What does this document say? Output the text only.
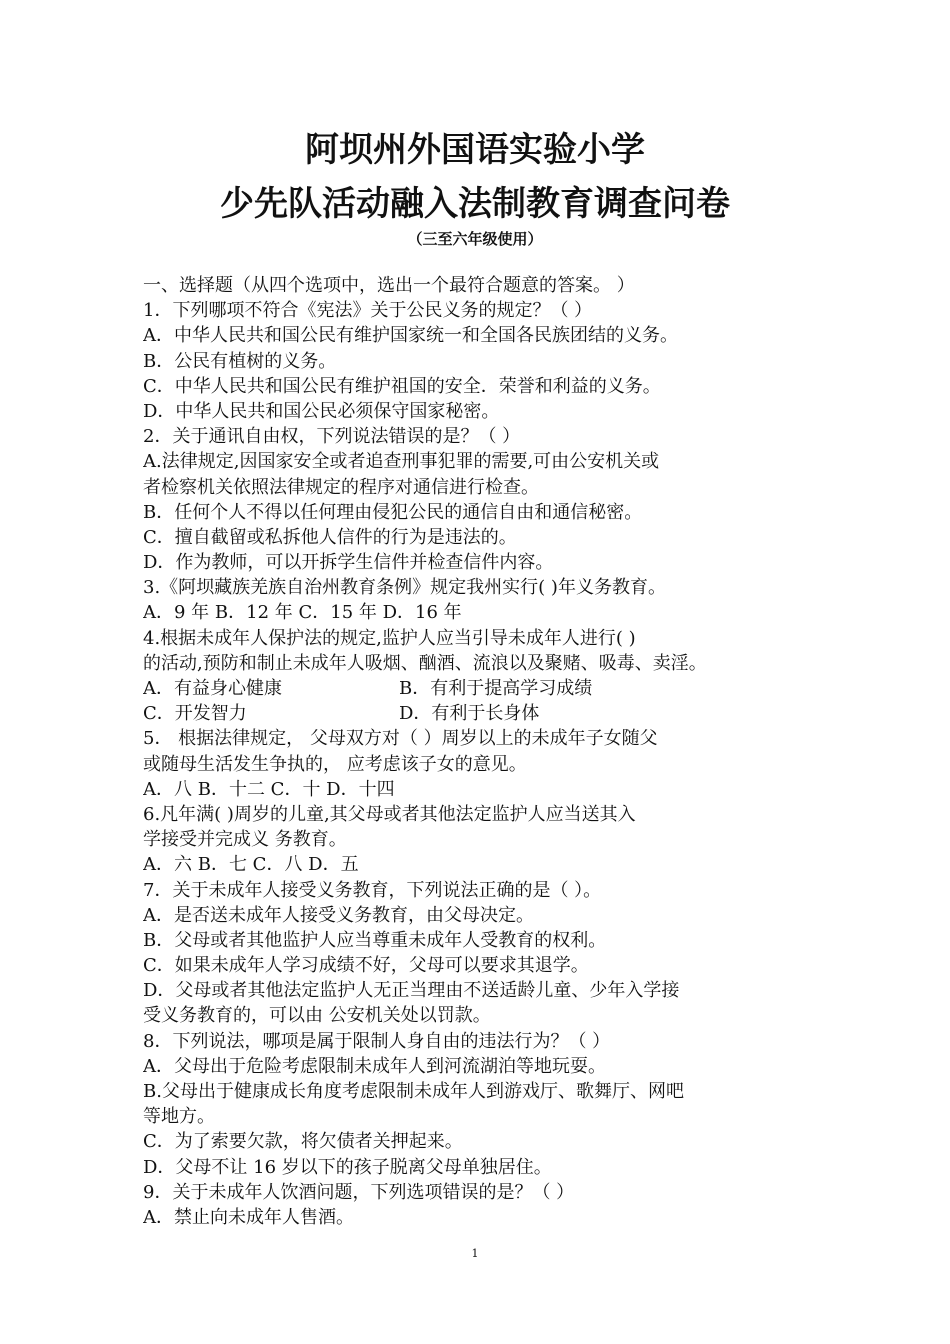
阿坝州外国语实验小学
少先队活动融入法制教育调查问卷
（三至六年级使用）
一、选择题（从四个选项中，选出一个最符合题意的答案。 ）
1．下列哪项不符合《宪法》关于公民义务的规定？（ ）
A．中华人民共和国公民有维护国家统一和全国各民族团结的义务。
B．公民有植树的义务。
C．中华人民共和国公民有维护祖国的安全．荣誉和利益的义务。
D．中华人民共和国公民必须保守国家秘密。
2．关于通讯自由权，下列说法错误的是？（ ）
A.法律规定,因国家安全或者追查刑事犯罪的需要,可由公安机关或
者检察机关依照法律规定的程序对通信进行检查。
B．任何个人不得以任何理由侵犯公民的通信自由和通信秘密。
C．擅自截留或私拆他人信件的行为是违法的。
D．作为教师，可以开拆学生信件并检查信件内容。
3.《阿坝藏族羌族自治州教育条例》规定我州实行( )年义务教育。
A．9 年 B．12 年 C．15 年 D．16 年
4.根据未成年人保护法的规定,监护人应当引导未成年人进行( )
的活动,预防和制止未成年人吸烟、酗酒、流浪以及聚赌、吸毒、卖淫。
A．有益身心健康	B．有利于提高学习成绩
C．开发智力	D．有利于长身体
5． 根据法律规定， 父母双方对（ ）周岁以上的未成年子女随父
或随母生活发生争执的， 应考虑该子女的意见。
A．八 B．十二 C．十 D．十四
6.凡年满( )周岁的儿童,其父母或者其他法定监护人应当送其入
学接受并完成义 务教育。
A．六 B．七 C．八 D．五
7．关于未成年人接受义务教育，下列说法正确的是（ ）。
A．是否送未成年人接受义务教育，由父母决定。
B．父母或者其他监护人应当尊重未成年人受教育的权利。
C．如果未成年人学习成绩不好，父母可以要求其退学。
D．父母或者其他法定监护人无正当理由不送适龄儿童、少年入学接
受义务教育的，可以由 公安机关处以罚款。
8．下列说法，哪项是属于限制人身自由的违法行为？（ ）
A．父母出于危险考虑限制未成年人到河流湖泊等地玩耍。
B.父母出于健康成长角度考虑限制未成年人到游戏厅、歌舞厅、网吧
等地方。
C．为了索要欠款，将欠债者关押起来。
D．父母不让 16 岁以下的孩子脱离父母单独居住。
9．关于未成年人饮酒问题，下列选项错误的是？（ ）
A．禁止向未成年人售酒。
1
